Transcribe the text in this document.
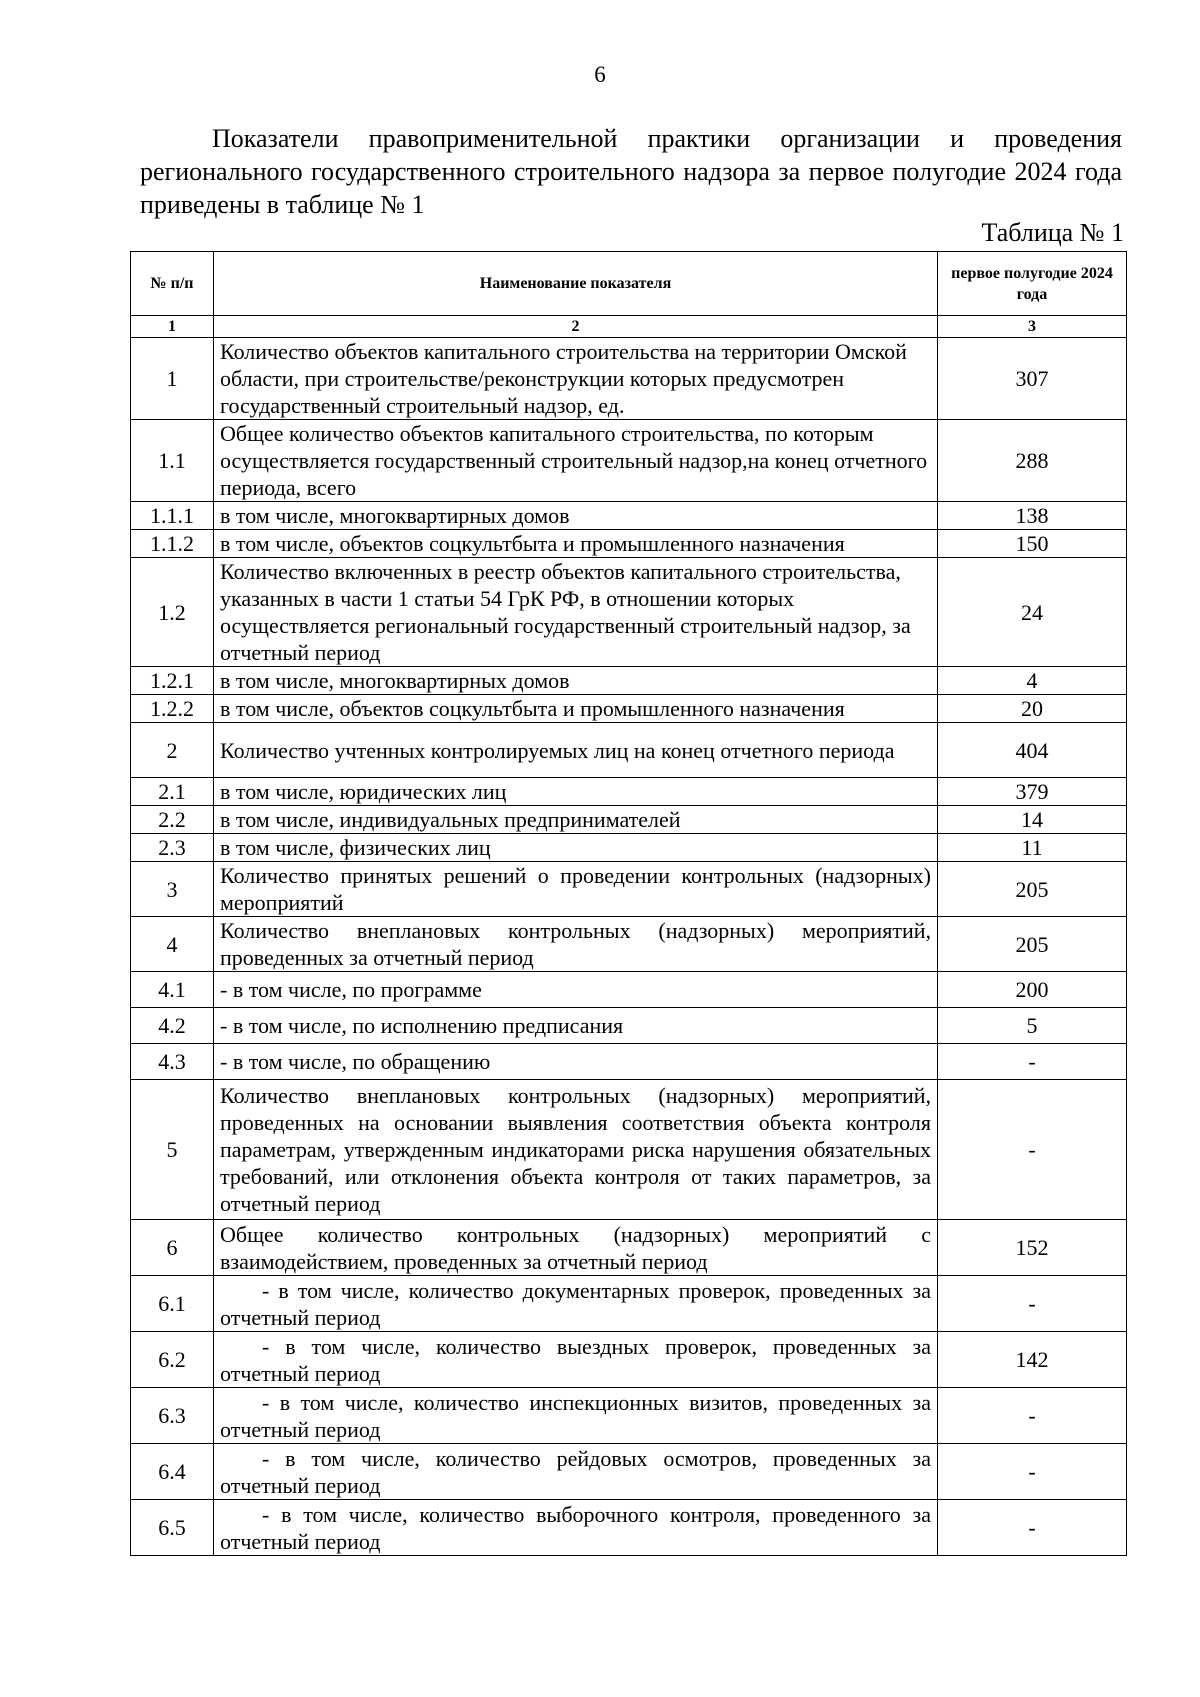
6

Показатели правоприменительной практики организации и проведения регионального государственного строительного надзора за первое полугодие 2024 года приведены в таблице № 1

Таблица № 1
№ п/п	Наименование показателя	первое полугодие 2024 года
1	2	3
1	Количество объектов капитального строительства на территории Омской области, при строительстве/реконструкции которых предусмотрен государственный строительный надзор, ед.	307
1.1	Общее количество объектов капитального строительства, по которым осуществляется государственный строительный надзор,на конец отчетного периода, всего	288
1.1.1	в том числе, многоквартирных домов	138
1.1.2	в том числе, объектов соцкультбыта и промышленного назначения	150
1.2	Количество включенных в реестр объектов капитального строительства, указанных в части 1 статьи 54 ГрК РФ, в отношении которых осуществляется региональный государственный строительный надзор, за отчетный период	24
1.2.1	в том числе, многоквартирных домов	4
1.2.2	в том числе, объектов соцкультбыта и промышленного назначения	20
2	Количество учтенных контролируемых лиц на конец отчетного периода	404
2.1	в том числе, юридических лиц	379
2.2	в том числе, индивидуальных предпринимателей	14
2.3	в том числе, физических лиц	11
3	Количество принятых решений о проведении контрольных (надзорных) мероприятий	205
4	Количество внеплановых контрольных (надзорных) мероприятий, проведенных за отчетный период	205
4.1	- в том числе, по программе	200
4.2	- в том числе, по исполнению предписания	5
4.3	- в том числе, по обращению	-
5	Количество внеплановых контрольных (надзорных) мероприятий, проведенных на основании выявления соответствия объекта контроля параметрам, утвержденным индикаторами риска нарушения обязательных требований, или отклонения объекта контроля от таких параметров, за отчетный период	-
6	Общее количество контрольных (надзорных) мероприятий с взаимодействием, проведенных за отчетный период	152
6.1	- в том числе, количество документарных проверок, проведенных за отчетный период	-
6.2	- в том числе, количество выездных проверок, проведенных за отчетный период	142
6.3	- в том числе, количество инспекционных визитов, проведенных за отчетный период	-
6.4	- в том числе, количество рейдовых осмотров, проведенных за отчетный период	-
6.5	- в том числе, количество выборочного контроля, проведенного за отчетный период	-
